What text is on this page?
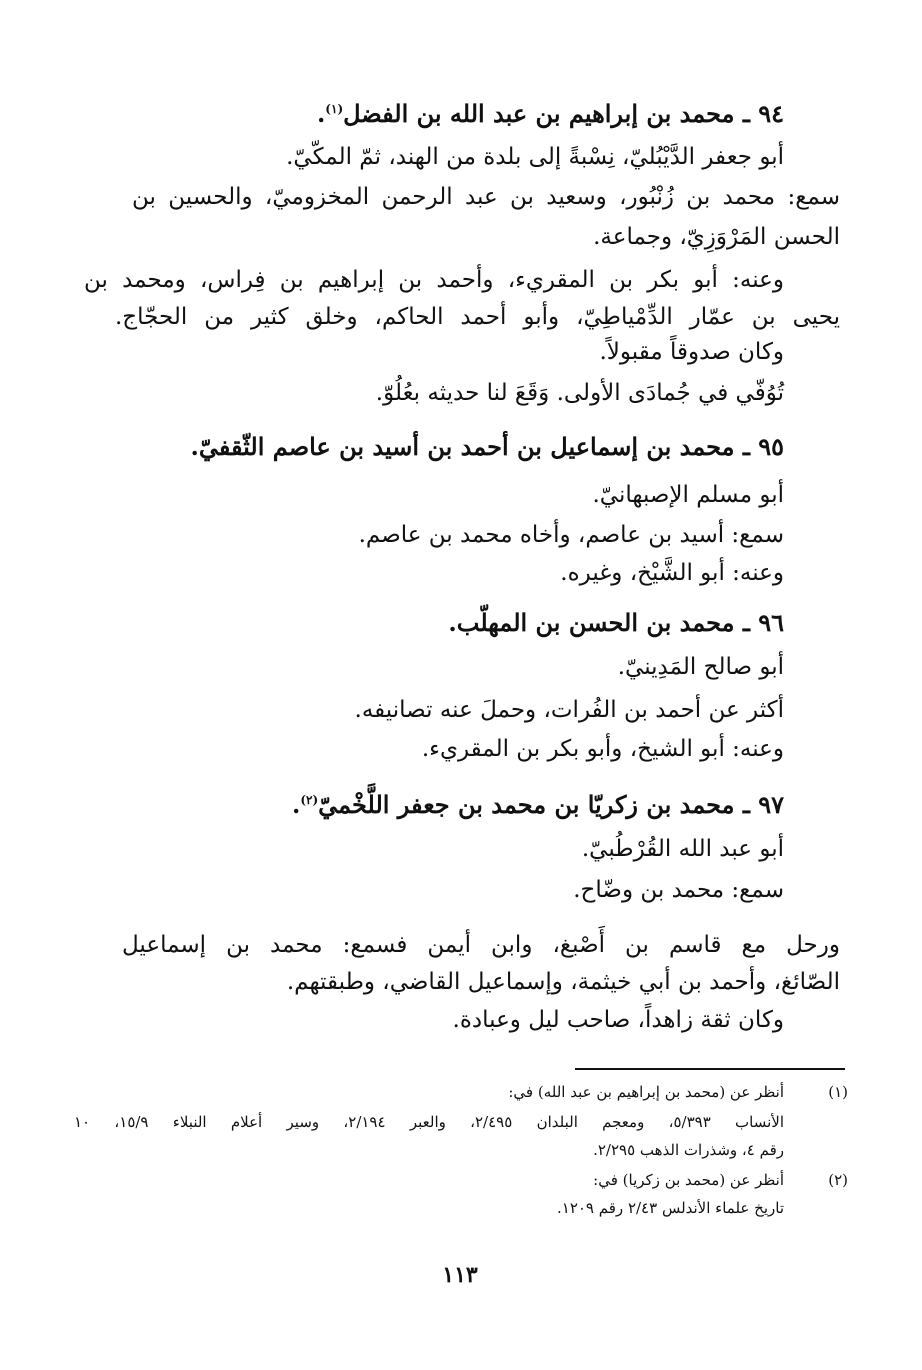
٩٤ ـ محمد بن إبراهيم بن عبد الله بن الفضل$^{(١)}$.
أبو جعفر الدَّيْبُليّ، نِسْبةً إلى بلدة من الهند، ثمّ المكّيّ.
سمع: محمد بن زُنْبُور، وسعيد بن عبد الرحمن المخزوميّ، والحسين بن
الحسن المَرْوَزِيّ، وجماعة.
وعنه: أبو بكر بن المقريء، وأحمد بن إبراهيم بن فِراس، ومحمد بن
يحيى بن عمّار الدِّمْياطِيّ، وأبو أحمد الحاكم، وخلق كثير من الحجّاج.
وكان صدوقاً مقبولاً.
تُوُفّي في جُمادَى الأولى. وَقَعَ لنا حديثه بعُلُوّ.
٩٥ ـ محمد بن إسماعيل بن أحمد بن أسيد بن عاصم الثّقفيّ.
أبو مسلم الإصبهانيّ.
سمع: أسيد بن عاصم، وأخاه محمد بن عاصم.
وعنه: أبو الشَّيْخ، وغيره.
٩٦ ـ محمد بن الحسن بن المهلّب.
أبو صالح المَدِينيّ.
أكثر عن أحمد بن الفُرات، وحملَ عنه تصانيفه.
وعنه: أبو الشيخ، وأبو بكر بن المقريء.
٩٧ ـ محمد بن زكريّا بن محمد بن جعفر اللَّخْميّ$^{(٢)}$.
أبو عبد الله القُرْطُبيّ.
سمع: محمد بن وضّاح.
ورحل مع قاسم بن أَصْبغ، وابن أيمن فسمع: محمد بن إسماعيل
الصّائغ، وأحمد بن أبي خيثمة، وإسماعيل القاضي، وطبقتهم.
وكان ثقة زاهداً، صاحب ليل وعبادة.
(١)
أنظر عن (محمد بن إبراهيم بن عبد الله) في:
الأنساب ٥/٣٩٣، ومعجم البلدان ٢/٤٩٥، والعبر ٢/١٩٤، وسير أعلام النبلاء ١٥/٩، ١٠
رقم ٤، وشذرات الذهب ٢/٢٩٥.
(٢)
أنظر عن (محمد بن زكريا) في:
تاريخ علماء الأندلس ٢/٤٣ رقم ١٢٠٩.
١١٣
